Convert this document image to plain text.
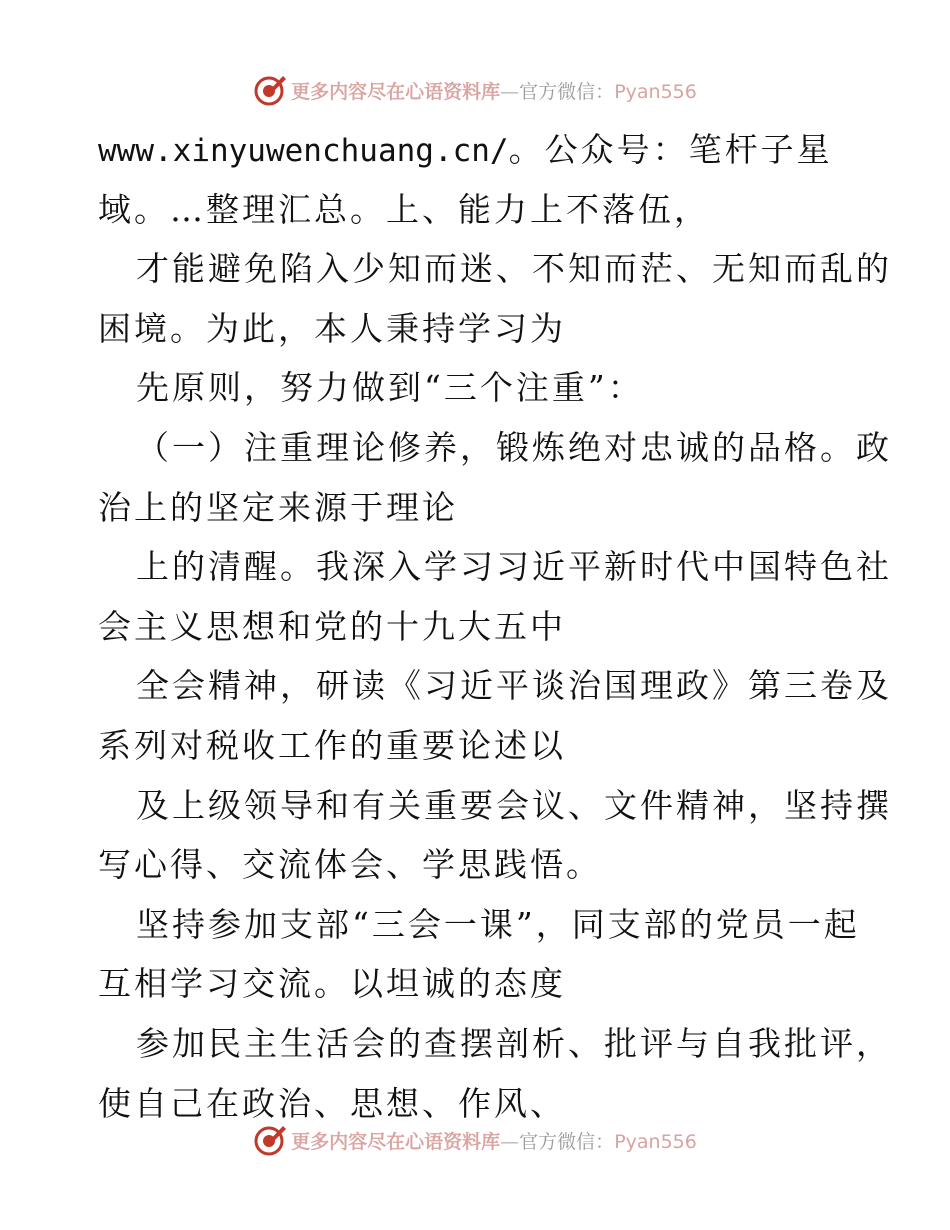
更多内容尽在心语资料库—官方微信：Pyan556
www.xinyuwenchuang.cn/。公众号：笔杆子星
域。…整理汇总。上、能力上不落伍，
才能避免陷入少知而迷、不知而茫、无知而乱的
困境。为此，本人秉持学习为
先原则，努力做到“三个注重”：
（一）注重理论修养，锻炼绝对忠诚的品格。政
治上的坚定来源于理论
上的清醒。我深入学习习近平新时代中国特色社
会主义思想和党的十九大五中
全会精神，研读《习近平谈治国理政》第三卷及
系列对税收工作的重要论述以
及上级领导和有关重要会议、文件精神，坚持撰
写心得、交流体会、学思践悟。
坚持参加支部“三会一课”，同支部的党员一起
互相学习交流。以坦诚的态度
参加民主生活会的查摆剖析、批评与自我批评，
使自己在政治、思想、作风、
更多内容尽在心语资料库—官方微信：Pyan556
